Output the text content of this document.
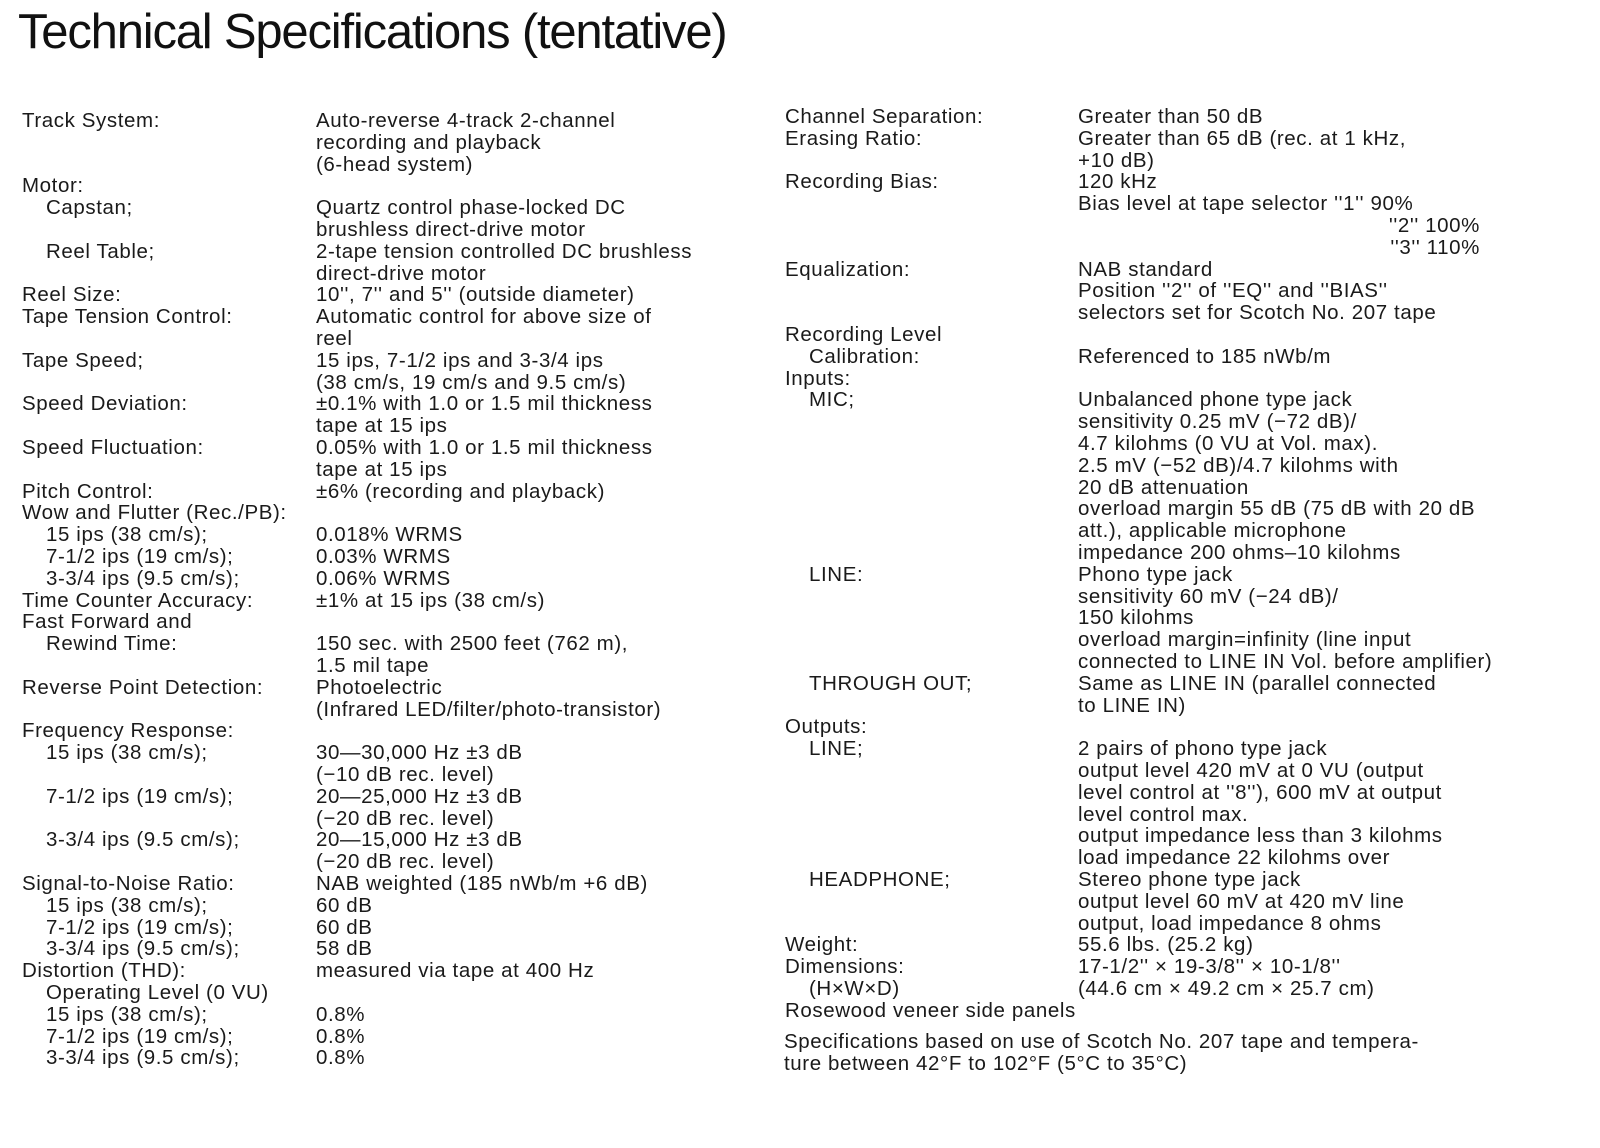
Technical Specifications (tentative)
Track System:	Auto-reverse 4-track 2-channel
recording and playback
(6-head system)
Motor:
Capstan;	Quartz control phase-locked DC
brushless direct-drive motor
Reel Table;	2-tape tension controlled DC brushless
direct-drive motor
Reel Size:	10'', 7'' and 5'' (outside diameter)
Tape Tension Control:	Automatic control for above size of
reel
Tape Speed;	15 ips, 7-1/2 ips and 3-3/4 ips
(38 cm/s, 19 cm/s and 9.5 cm/s)
Speed Deviation:	±0.1% with 1.0 or 1.5 mil thickness
tape at 15 ips
Speed Fluctuation:	0.05% with 1.0 or 1.5 mil thickness
tape at 15 ips
Pitch Control:	±6% (recording and playback)
Wow and Flutter (Rec./PB):
15 ips (38 cm/s);	0.018% WRMS
7-1/2 ips (19 cm/s);	0.03% WRMS
3-3/4 ips (9.5 cm/s);	0.06% WRMS
Time Counter Accuracy:	±1% at 15 ips (38 cm/s)
Fast Forward and
Rewind Time:	150 sec. with 2500 feet (762 m),
1.5 mil tape
Reverse Point Detection:	Photoelectric
(Infrared LED/filter/photo-transistor)
Frequency Response:
15 ips (38 cm/s);	30—30,000 Hz ±3 dB
(−10 dB rec. level)
7-1/2 ips (19 cm/s);	20—25,000 Hz ±3 dB
(−20 dB rec. level)
3-3/4 ips (9.5 cm/s);	20—15,000 Hz ±3 dB
(−20 dB rec. level)
Signal-to-Noise Ratio:	NAB weighted (185 nWb/m +6 dB)
15 ips (38 cm/s);	60 dB
7-1/2 ips (19 cm/s);	60 dB
3-3/4 ips (9.5 cm/s);	58 dB
Distortion (THD):	measured via tape at 400 Hz
Operating Level (0 VU)
15 ips (38 cm/s);	0.8%
7-1/2 ips (19 cm/s);	0.8%
3-3/4 ips (9.5 cm/s);	0.8%
Channel Separation:	Greater than 50 dB
Erasing Ratio:	Greater than 65 dB (rec. at 1 kHz,
+10 dB)
Recording Bias:	120 kHz
Bias level at tape selector ''1'' 90%
''2'' 100%
''3'' 110%
Equalization:	NAB standard
Position ''2'' of ''EQ'' and ''BIAS''
selectors set for Scotch No. 207 tape
Recording Level
Calibration:	Referenced to 185 nWb/m
Inputs:
MIC;	Unbalanced phone type jack
sensitivity 0.25 mV (−72 dB)/
4.7 kilohms (0 VU at Vol. max).
2.5 mV (−52 dB)/4.7 kilohms with
20 dB attenuation
overload margin 55 dB (75 dB with 20 dB
att.), applicable microphone
impedance 200 ohms–10 kilohms
LINE:	Phono type jack
sensitivity 60 mV (−24 dB)/
150 kilohms
overload margin=infinity (line input
connected to LINE IN Vol. before amplifier)
THROUGH OUT;	Same as LINE IN (parallel connected
to LINE IN)
Outputs:
LINE;	2 pairs of phono type jack
output level 420 mV at 0 VU (output
level control at ''8''), 600 mV at output
level control max.
output impedance less than 3 kilohms
load impedance 22 kilohms over
HEADPHONE;	Stereo phone type jack
output level 60 mV at 420 mV line
output, load impedance 8 ohms
Weight:	55.6 lbs. (25.2 kg)
Dimensions:	17-1/2'' × 19-3/8'' × 10-1/8''
(H×W×D)	(44.6 cm × 49.2 cm × 25.7 cm)
Rosewood veneer side panels
Specifications based on use of Scotch No. 207 tape and tempera-
ture between 42°F to 102°F (5°C to 35°C)
